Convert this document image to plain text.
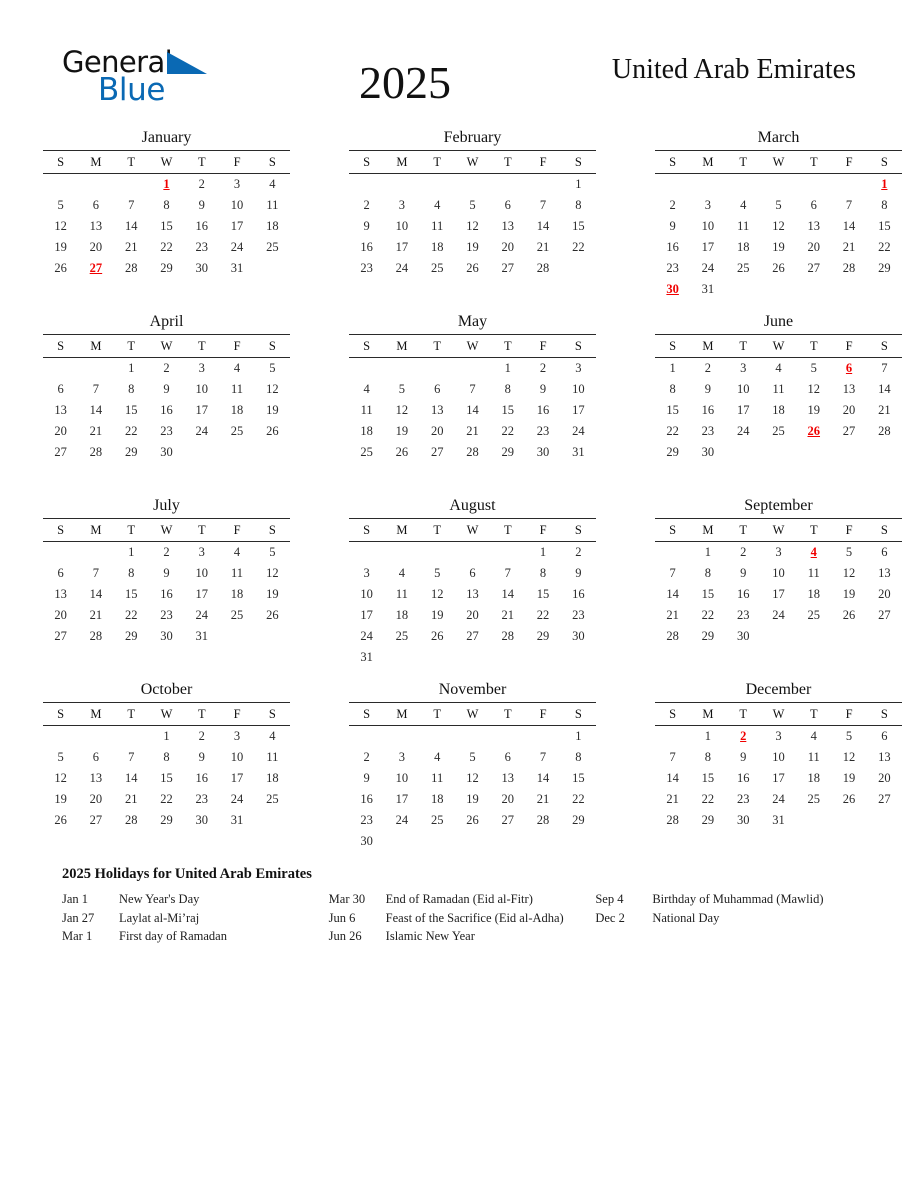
General
Blue	2025	United Arab Emirates
January
S	M	T	W	T	F	S
			1	2	3	4
5	6	7	8	9	10	11
12	13	14	15	16	17	18
19	20	21	22	23	24	25
26	27	28	29	30	31	
February
S	M	T	W	T	F	S
						1
2	3	4	5	6	7	8
9	10	11	12	13	14	15
16	17	18	19	20	21	22
23	24	25	26	27	28	
March
S	M	T	W	T	F	S
						1
2	3	4	5	6	7	8
9	10	11	12	13	14	15
16	17	18	19	20	21	22
23	24	25	26	27	28	29
30	31					
April
S	M	T	W	T	F	S
		1	2	3	4	5
6	7	8	9	10	11	12
13	14	15	16	17	18	19
20	21	22	23	24	25	26
27	28	29	30			
May
S	M	T	W	T	F	S
				1	2	3
4	5	6	7	8	9	10
11	12	13	14	15	16	17
18	19	20	21	22	23	24
25	26	27	28	29	30	31
June
S	M	T	W	T	F	S
1	2	3	4	5	6	7
8	9	10	11	12	13	14
15	16	17	18	19	20	21
22	23	24	25	26	27	28
29	30					
July
S	M	T	W	T	F	S
		1	2	3	4	5
6	7	8	9	10	11	12
13	14	15	16	17	18	19
20	21	22	23	24	25	26
27	28	29	30	31		
August
S	M	T	W	T	F	S
					1	2
3	4	5	6	7	8	9
10	11	12	13	14	15	16
17	18	19	20	21	22	23
24	25	26	27	28	29	30
31						
September
S	M	T	W	T	F	S
	1	2	3	4	5	6
7	8	9	10	11	12	13
14	15	16	17	18	19	20
21	22	23	24	25	26	27
28	29	30				
October
S	M	T	W	T	F	S
			1	2	3	4
5	6	7	8	9	10	11
12	13	14	15	16	17	18
19	20	21	22	23	24	25
26	27	28	29	30	31	
November
S	M	T	W	T	F	S
						1
2	3	4	5	6	7	8
9	10	11	12	13	14	15
16	17	18	19	20	21	22
23	24	25	26	27	28	29
30						
December
S	M	T	W	T	F	S
	1	2	3	4	5	6
7	8	9	10	11	12	13
14	15	16	17	18	19	20
21	22	23	24	25	26	27
28	29	30	31			
2025 Holidays for United Arab Emirates
Jan 1	New Year's Day
Jan 27	Laylat al-Mi’raj
Mar 1	First day of Ramadan
Mar 30	End of Ramadan (Eid al-Fitr)
Jun 6	Feast of the Sacrifice (Eid al-Adha)
Jun 26	Islamic New Year
Sep 4	Birthday of Muhammad (Mawlid)
Dec 2	National Day
